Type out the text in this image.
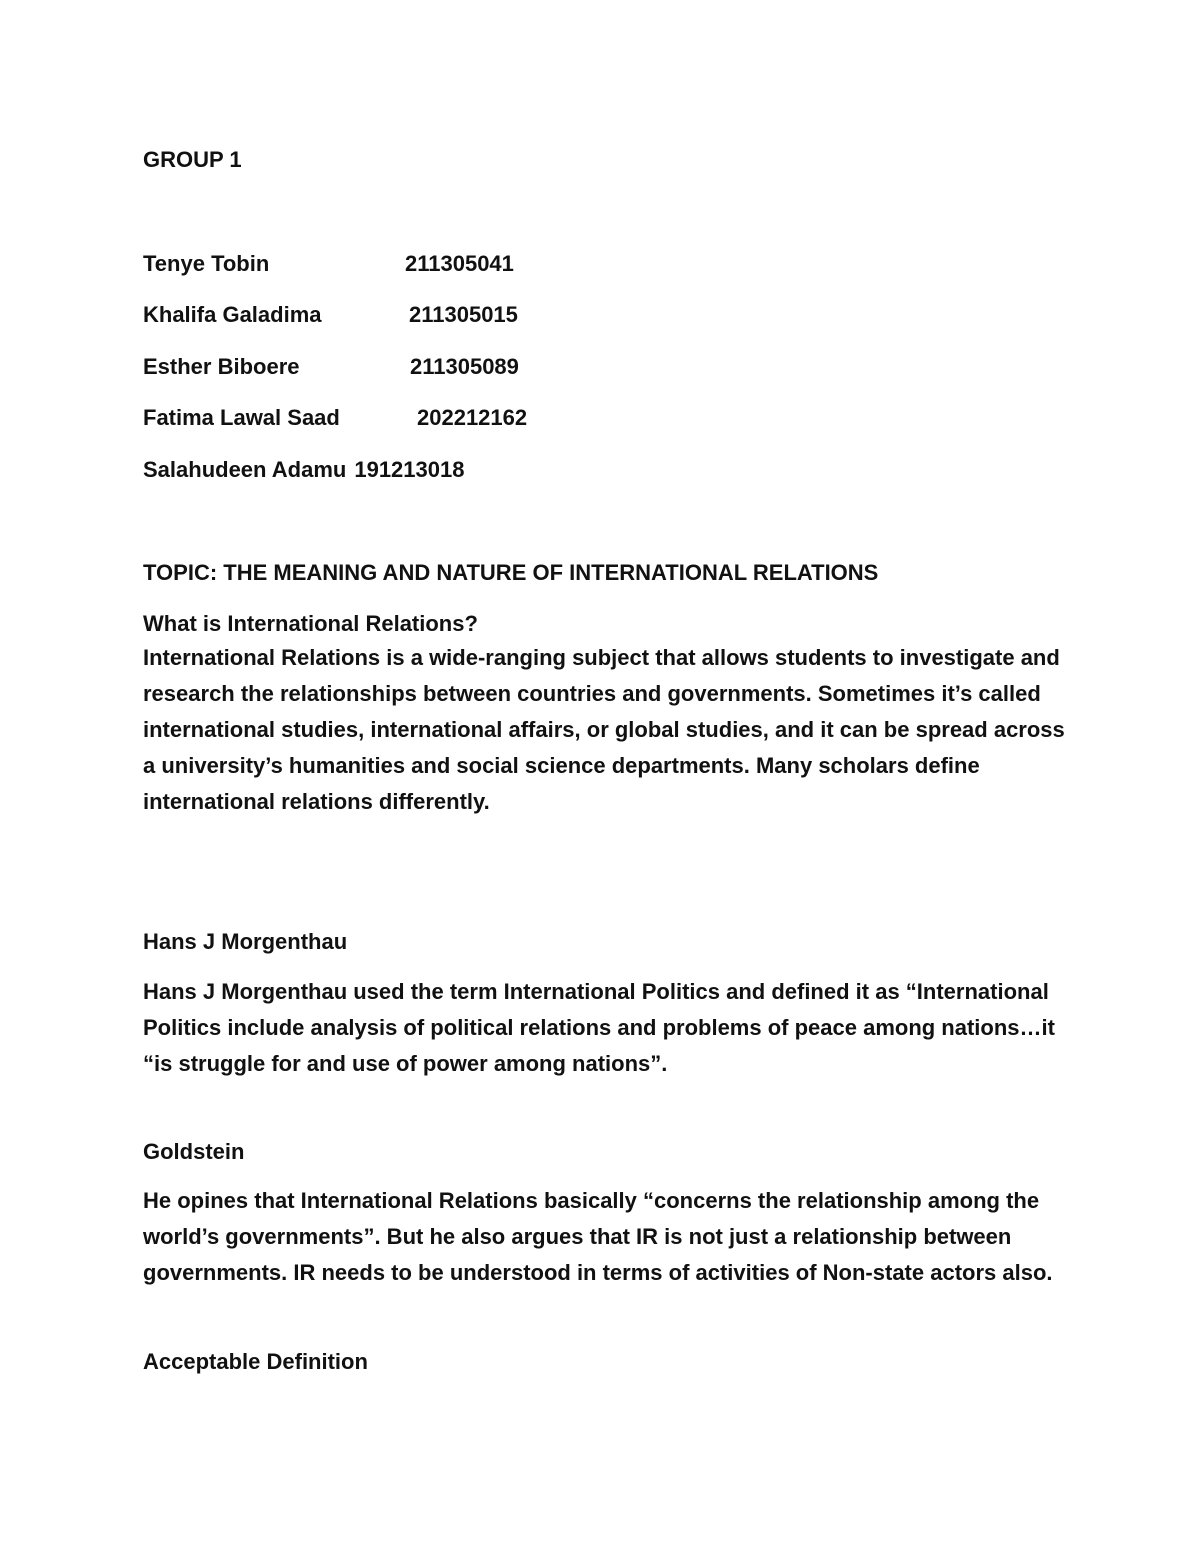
GROUP 1
Tenye Tobin	211305041
Khalifa Galadima	211305015
Esther Biboere	211305089
Fatima Lawal Saad	202212162
Salahudeen Adamu 191213018
TOPIC: THE MEANING AND NATURE OF INTERNATIONAL RELATIONS
What is International Relations?
International Relations is a wide-ranging subject that allows students to investigate and research the relationships between countries and governments. Sometimes it’s called international studies, international affairs, or global studies, and it can be spread across a university’s humanities and social science departments. Many scholars define international relations differently.
Hans J Morgenthau
Hans J Morgenthau used the term International Politics and defined it as “International Politics include analysis of political relations and problems of peace among nations…it “is struggle for and use of power among nations”.
Goldstein
He opines that International Relations basically “concerns the relationship among the world’s governments”. But he also argues that IR is not just a relationship between governments. IR needs to be understood in terms of activities of Non-state actors also.
Acceptable Definition
